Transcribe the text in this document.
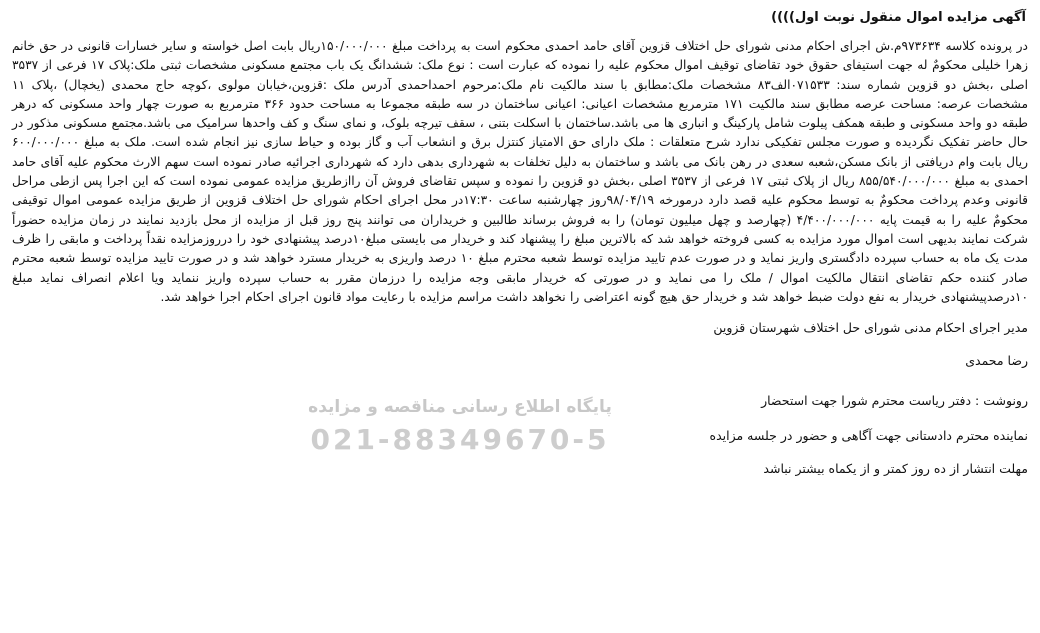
آگهی مزایده اموال منقول نوبت اول))))

در پرونده کلاسه ۹۷۳۶۳۴م.ش اجرای احکام مدنی شورای حل اختلاف قزوین آقای حامد احمدی محکوم است به پرداخت مبلغ ۱۵۰/۰۰۰/۰۰۰ریال بابت اصل خواسته و سایر خسارات قانونی در حق خانم زهرا خلیلی محکومٌ له جهت استیفای حقوق خود تقاضای توقیف اموال محکوم علیه را نموده که عبارت است : نوع ملک: ششدانگ یک باب مجتمع مسکونی مشخصات ثبتی ملک:پلاک ۱۷ فرعی از ۳۵۳۷ اصلی ،بخش دو قزوین شماره سند: ۰۷۱۵۳۳الف۸۳ مشخصات ملک:مطابق با سند مالکیت نام ملک:مرحوم احمداحمدی آدرس ملک :قزوین،خیابان مولوی ،کوچه حاج محمدی (یخچال) ،پلاک ۱۱ مشخصات عرصه: مساحت عرصه مطابق سند مالکیت ۱۷۱ مترمربع مشخصات اعیانی: اعیانی ساختمان در سه طبقه مجموعا به مساحت حدود ۳۶۶ مترمربع به صورت چهار واحد مسکونی که درهر طبقه دو واحد مسکونی و طبقه همکف پیلوت شامل پارکینگ و انباری ها می باشد.ساختمان با اسکلت بتنی ، سقف تیرچه بلوک، و نمای سنگ و کف واحدها سرامیک می باشد.مجتمع مسکونی مذکور در حال حاضر تفکیک نگردیده و صورت مجلس تفکیکی ندارد شرح متعلقات : ملک دارای حق الامتیاز کنتزل برق و انشعاب آب و گاز بوده و حیاط سازی نیز انجام شده است. ملک به مبلغ ۶۰۰/۰۰۰/۰۰۰ ریال بابت وام دریافتی از بانک مسکن،شعبه سعدی در رهن بانک می باشد و ساختمان به دلیل تخلفات به شهرداری بدهی دارد که شهرداری اجرائیه صادر نموده است سهم الارث محکوم علیه آقای حامد احمدی به مبلغ ۸۵۵/۵۴۰/۰۰۰/۰۰۰ ریال از پلاک ثبتی ۱۷ فرعی از ۳۵۳۷ اصلی ،بخش دو قزوین را نموده و سپس تقاضای فروش آن راازطریق مزایده عمومی نموده است که این اجرا پس ازطی مراحل قانونی وعدم پرداخت محکومٌ به توسط محکوم علیه قصد دارد درمورخه ۹۸/۰۴/۱۹روز چهارشنبه ساعت ۱۷:۳۰در محل اجرای احکام شورای حل اختلاف قزوین از طریق مزایده عمومی اموال توقیفی محکومٌ علیه را به قیمت پایه ۴/۴۰۰/۰۰۰/۰۰۰ (چهارصد و چهل میلیون تومان) را به فروش برساند طالبین و خریداران می توانند پنج روز قبل از مزایده از محل بازدید نمایند در زمان مزایده حضوراً شرکت نمایند بدیهی است اموال مورد مزایده به کسی فروخته خواهد شد که بالاترین مبلغ را پیشنهاد کند و خریدار می بایستی مبلغ۱۰درصد پیشنهادی خود را درروزمزایده نقداً پرداخت و مابقی را ظرف مدت یک ماه به حساب سپرده دادگستری واریز نماید و در صورت عدم تایید مزایده توسط شعبه محترم مبلغ ۱۰ درصد واریزی به خریدار مسترد خواهد شد و در صورت تایید مزایده توسط شعبه محترم صادر کننده حکم تقاضای انتقال مالکیت اموال / ملک را می نماید و در صورتی که خریدار مابقی وجه مزایده را درزمان مقرر به حساب سپرده واریز ننماید ویا اعلام انصراف نماید مبلغ ۱۰درصدپیشنهادی خریدار به نفع دولت ضبط خواهد شد و خریدار حق هیچ گونه اعتراضی را نخواهد داشت مراسم مزایده با رعایت مواد قانون اجرای احکام اجرا خواهد شد.

مدیر اجرای احکام مدنی شورای حل اختلاف شهرستان قزوین

رضا محمدی

رونوشت : دفتر ریاست محترم شورا جهت استحضار

نماینده محترم دادستانی جهت آگاهی و حضور در جلسه مزایده

مهلت انتشار از ده روز کمتر و از یکماه بیشتر نباشد

پایگاه اطلاع رسانی مناقصه و مزایده
021-88349670-5
